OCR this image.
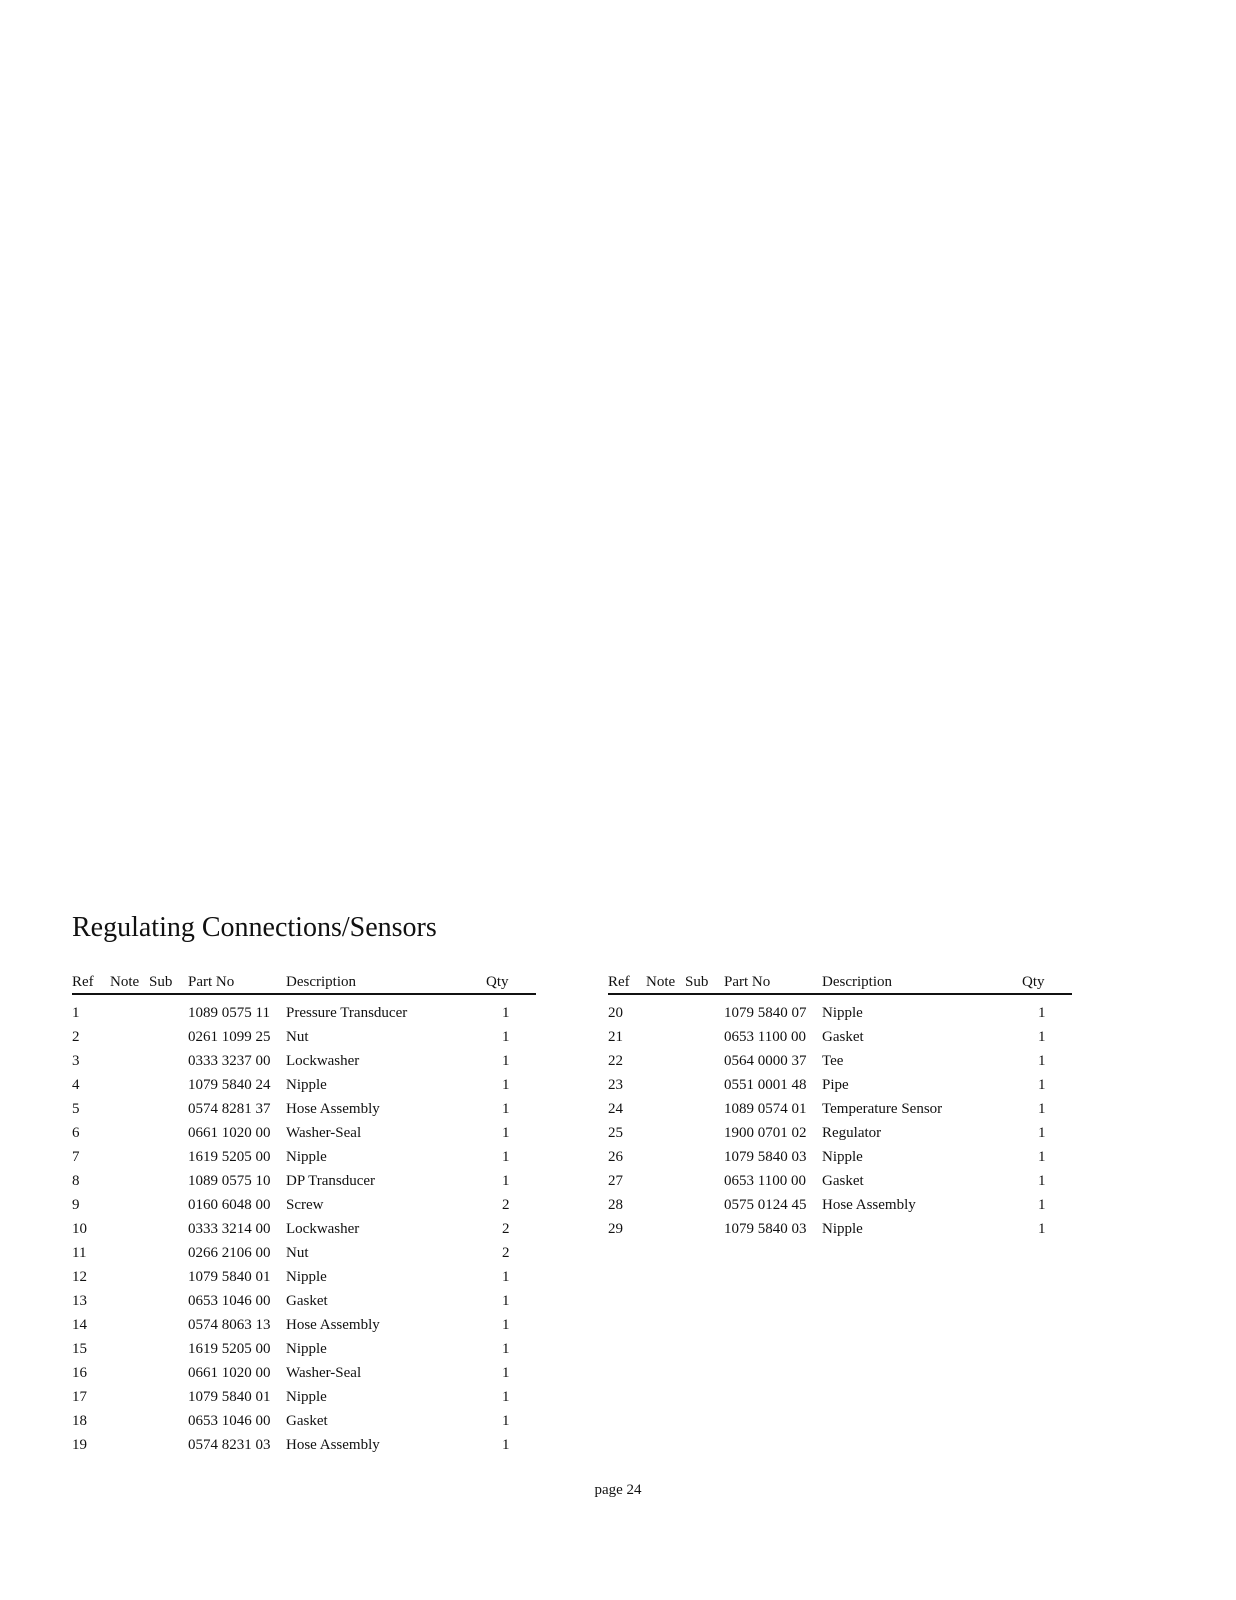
Regulating Connections/Sensors
Ref	Note	Sub	Part No	Description	Qty
1			1089 0575 11	Pressure Transducer	1
2			0261 1099 25	Nut	1
3			0333 3237 00	Lockwasher	1
4			1079 5840 24	Nipple	1
5			0574 8281 37	Hose Assembly	1
6			0661 1020 00	Washer-Seal	1
7			1619 5205 00	Nipple	1
8			1089 0575 10	DP Transducer	1
9			0160 6048 00	Screw	2
10			0333 3214 00	Lockwasher	2
11			0266 2106 00	Nut	2
12			1079 5840 01	Nipple	1
13			0653 1046 00	Gasket	1
14			0574 8063 13	Hose Assembly	1
15			1619 5205 00	Nipple	1
16			0661 1020 00	Washer-Seal	1
17			1079 5840 01	Nipple	1
18			0653 1046 00	Gasket	1
19			0574 8231 03	Hose Assembly	1
Ref	Note	Sub	Part No	Description	Qty
20			1079 5840 07	Nipple	1
21			0653 1100 00	Gasket	1
22			0564 0000 37	Tee	1
23			0551 0001 48	Pipe	1
24			1089 0574 01	Temperature Sensor	1
25			1900 0701 02	Regulator	1
26			1079 5840 03	Nipple	1
27			0653 1100 00	Gasket	1
28			0575 0124 45	Hose Assembly	1
29			1079 5840 03	Nipple	1
page 24
